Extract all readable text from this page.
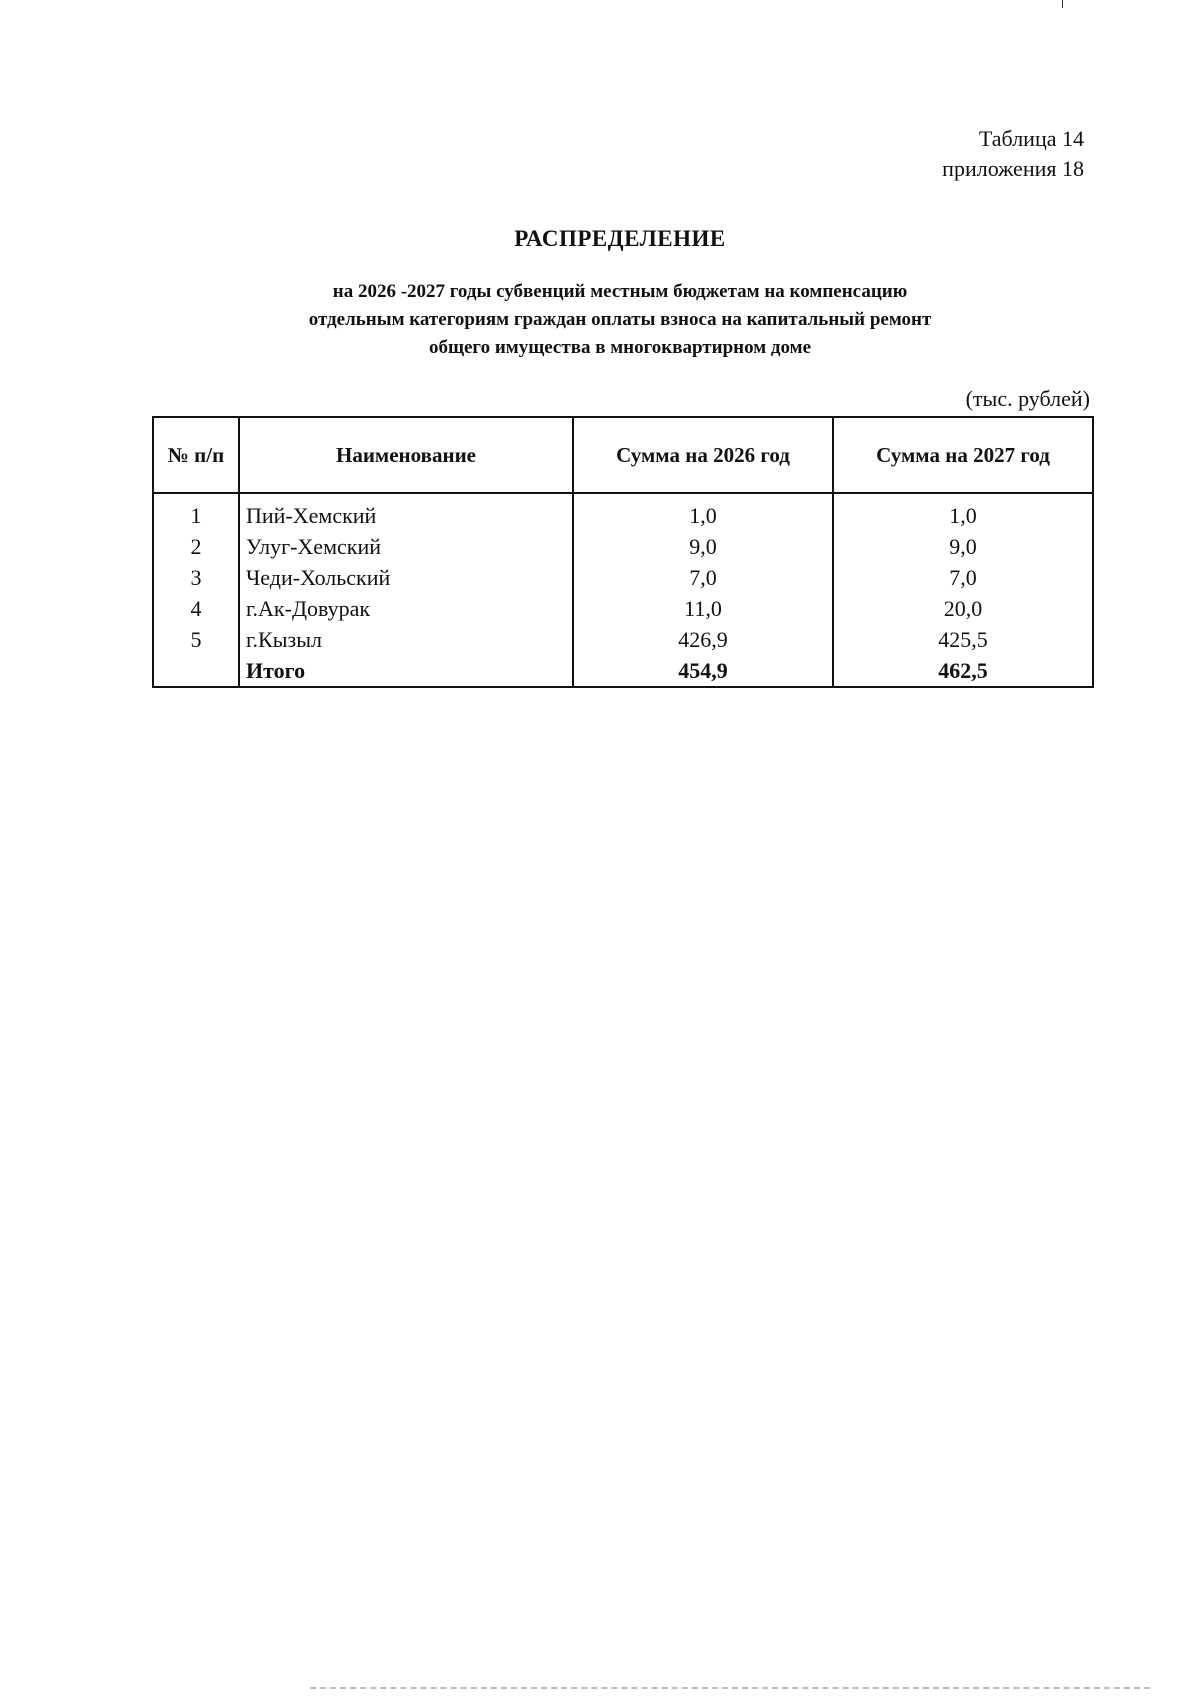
Таблица 14
приложения 18
РАСПРЕДЕЛЕНИЕ
на 2026 -2027 годы субвенций местным бюджетам на компенсацию
отдельным категориям граждан оплаты взноса на капитальный ремонт
общего имущества в многоквартирном доме
(тыс. рублей)
№ п/п	Наименование	Сумма на 2026 год	Сумма на 2027 год
1	Пий-Хемский	1,0	1,0
2	Улуг-Хемский	9,0	9,0
3	Чеди-Хольский	7,0	7,0
4	г.Ак-Довурак	11,0	20,0
5	г.Кызыл	426,9	425,5
	Итого	454,9	462,5
